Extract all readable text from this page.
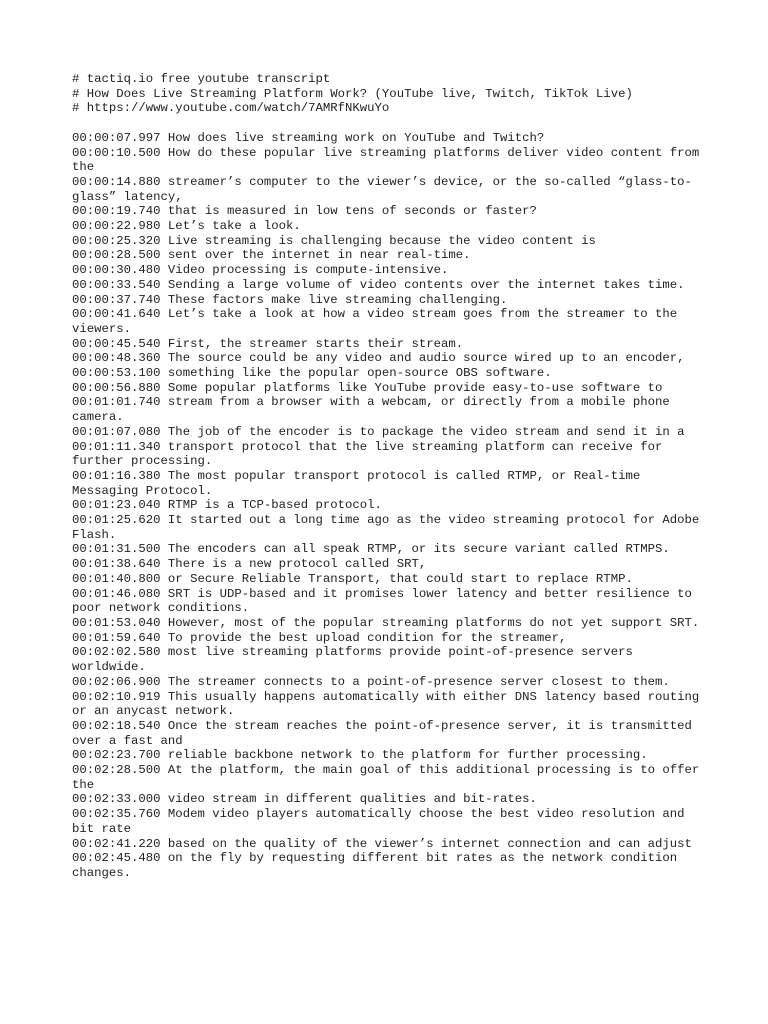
# tactiq.io free youtube transcript
# How Does Live Streaming Platform Work? (YouTube live, Twitch, TikTok Live)
# https://www.youtube.com/watch/7AMRfNKwuYo
00:00:07.997 How does live streaming work on YouTube and Twitch?
00:00:10.500 How do these popular live streaming platforms deliver video content from the
00:00:14.880 streamer’s computer to the viewer’s device, or the so-called “glass-to-glass” latency,
00:00:19.740 that is measured in low tens of seconds or faster?
00:00:22.980 Let’s take a look.
00:00:25.320 Live streaming is challenging because the video content is
00:00:28.500 sent over the internet in near real-time.
00:00:30.480 Video processing is compute-intensive.
00:00:33.540 Sending a large volume of video contents over the internet takes time.
00:00:37.740 These factors make live streaming challenging.
00:00:41.640 Let’s take a look at how a video stream goes from the streamer to the viewers.
00:00:45.540 First, the streamer starts their stream.
00:00:48.360 The source could be any video and audio source wired up to an encoder,
00:00:53.100 something like the popular open-source OBS software.
00:00:56.880 Some popular platforms like YouTube provide easy-to-use software to
00:01:01.740 stream from a browser with a webcam, or directly from a mobile phone camera.
00:01:07.080 The job of the encoder is to package the video stream and send it in a
00:01:11.340 transport protocol that the live streaming platform can receive for further processing.
00:01:16.380 The most popular transport protocol is called RTMP, or Real-time Messaging Protocol.
00:01:23.040 RTMP is a TCP-based protocol.
00:01:25.620 It started out a long time ago as the video streaming protocol for Adobe Flash.
00:01:31.500 The encoders can all speak RTMP, or its secure variant called RTMPS.
00:01:38.640 There is a new protocol called SRT,
00:01:40.800 or Secure Reliable Transport, that could start to replace RTMP.
00:01:46.080 SRT is UDP-based and it promises lower latency and better resilience to poor network conditions.
00:01:53.040 However, most of the popular streaming platforms do not yet support SRT.
00:01:59.640 To provide the best upload condition for the streamer,
00:02:02.580 most live streaming platforms provide point-of-presence servers worldwide.
00:02:06.900 The streamer connects to a point-of-presence server closest to them.
00:02:10.919 This usually happens automatically with either DNS latency based routing or an anycast network.
00:02:18.540 Once the stream reaches the point-of-presence server, it is transmitted over a fast and
00:02:23.700 reliable backbone network to the platform for further processing.
00:02:28.500 At the platform, the main goal of this additional processing is to offer the
00:02:33.000 video stream in different qualities and bit-rates.
00:02:35.760 Modem video players automatically choose the best video resolution and bit rate
00:02:41.220 based on the quality of the viewer’s internet connection and can adjust
00:02:45.480 on the fly by requesting different bit rates as the network condition changes.
